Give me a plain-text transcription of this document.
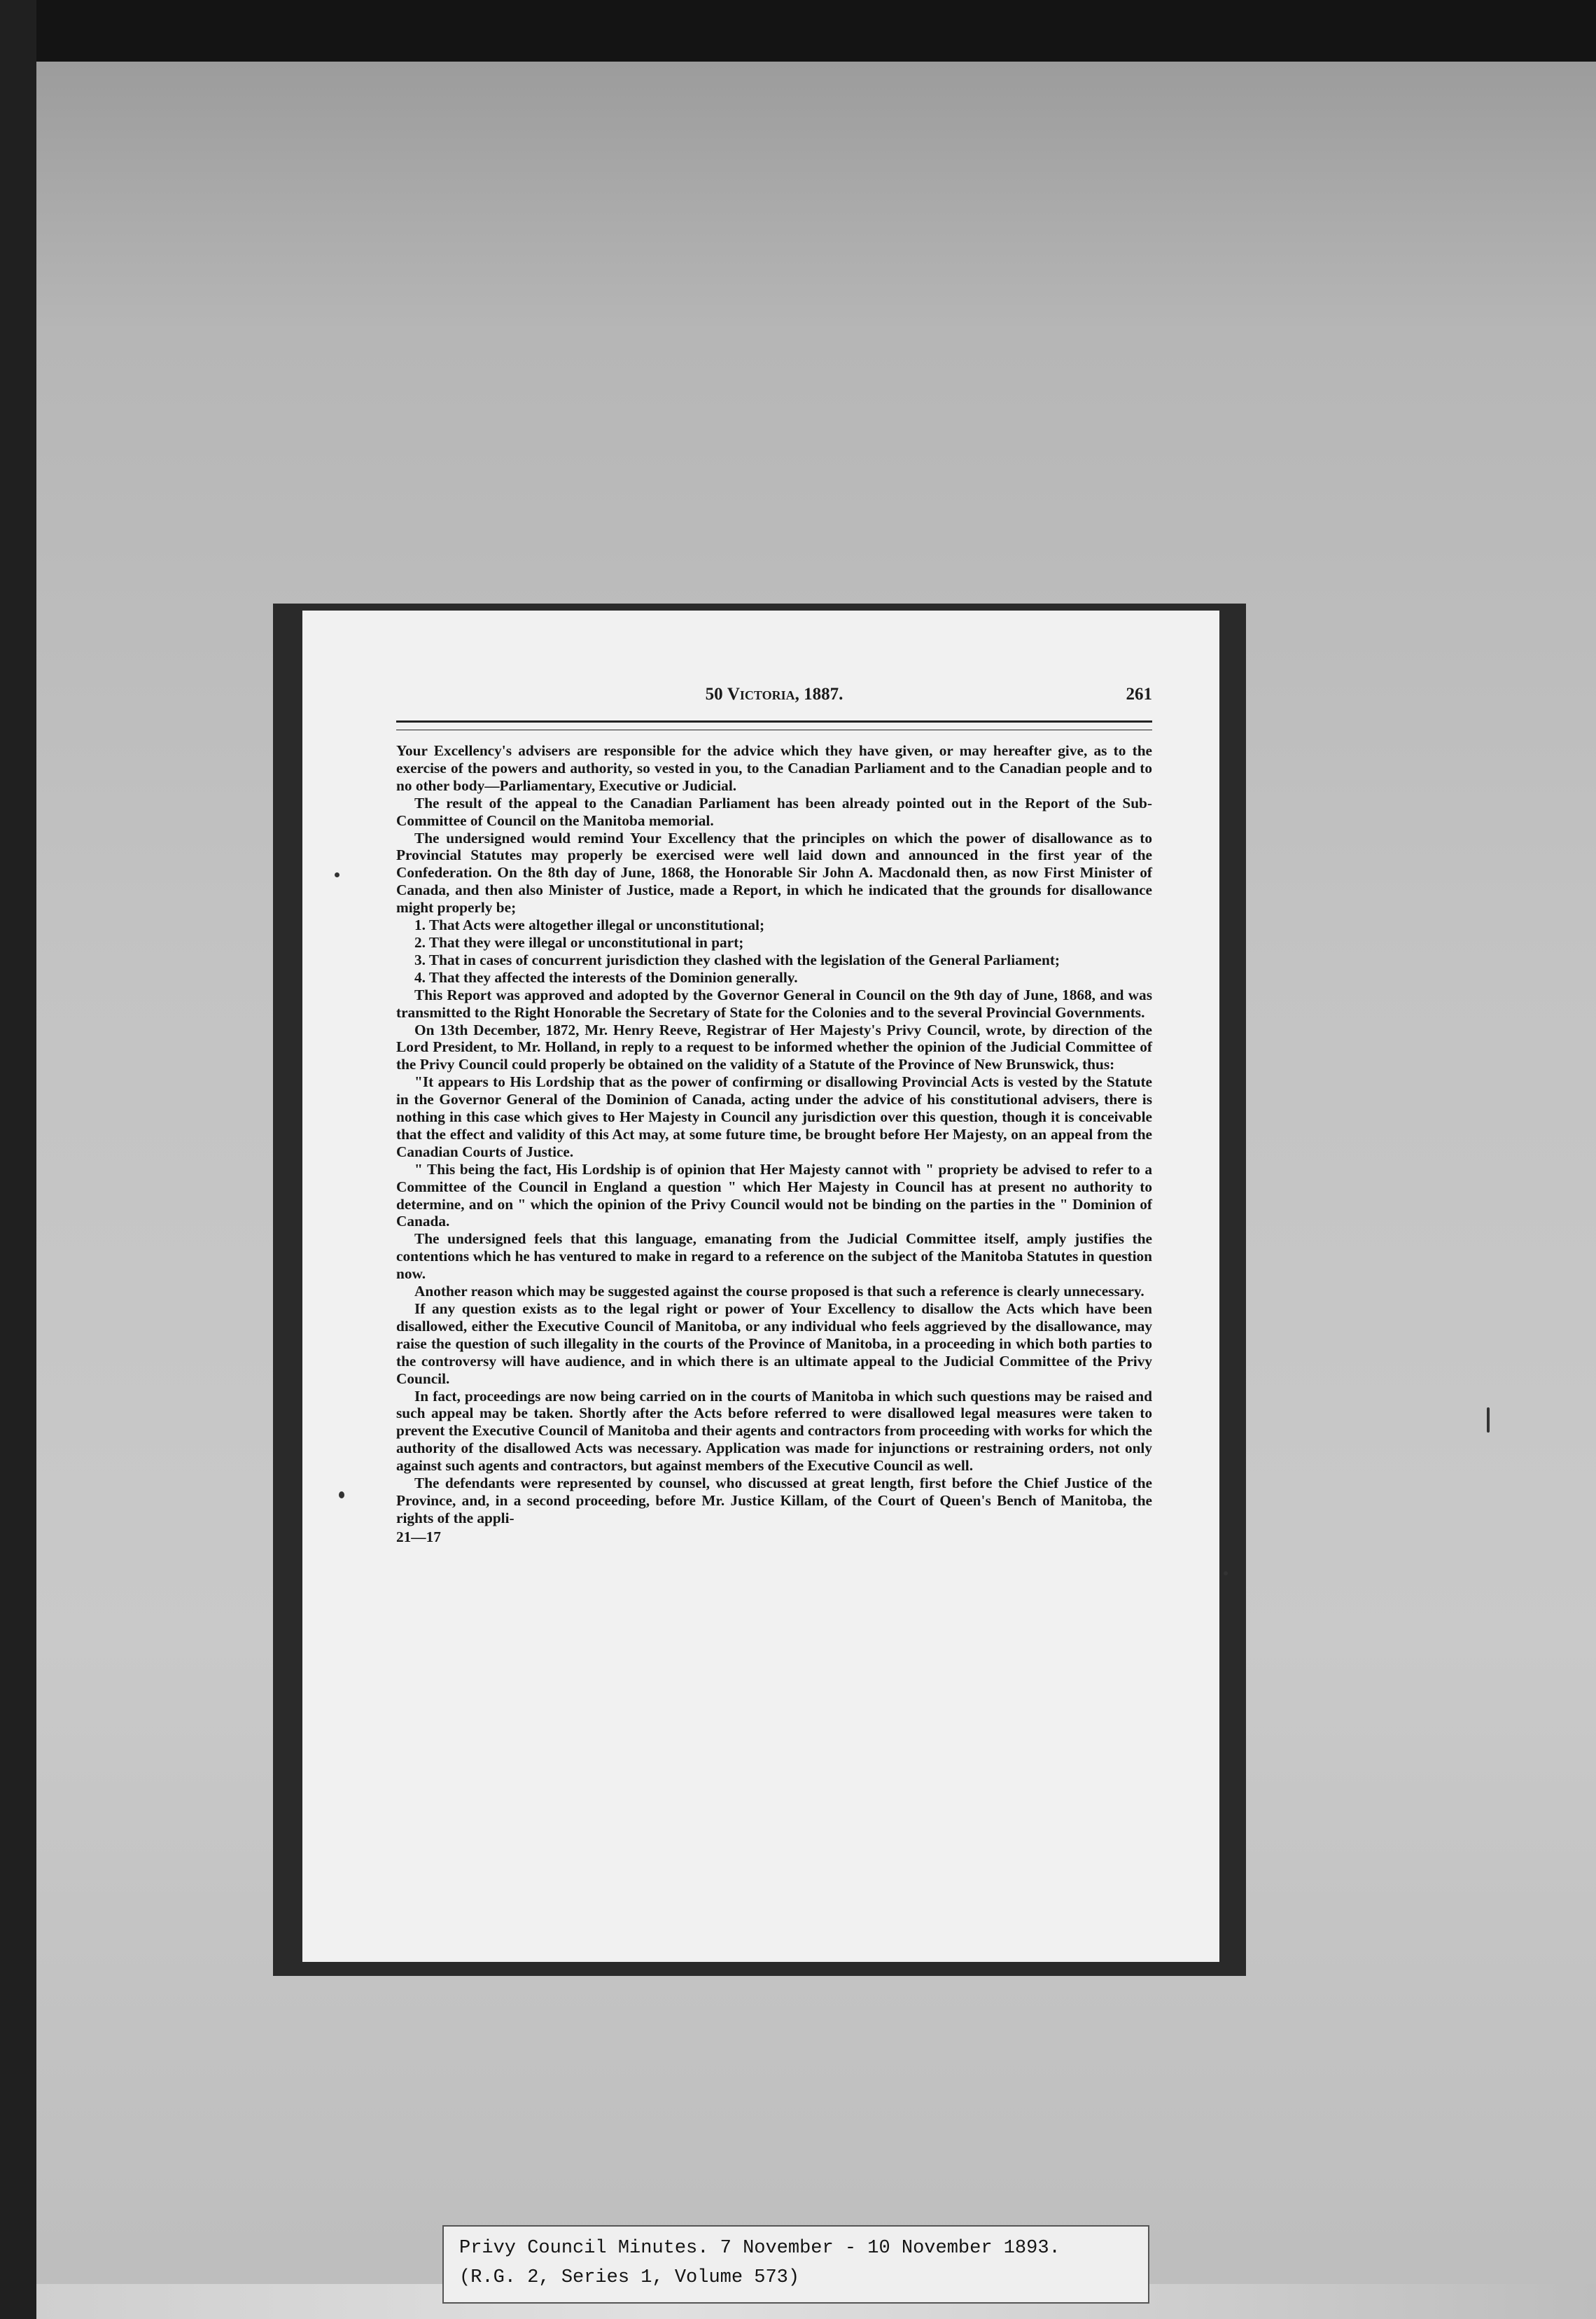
50 Victoria, 1887.	261

Your Excellency's advisers are responsible for the advice which they have given, or may hereafter give, as to the exercise of the powers and authority, so vested in you, to the Canadian Parliament and to the Canadian people and to no other body—Parliamentary, Executive or Judicial.

The result of the appeal to the Canadian Parliament has been already pointed out in the Report of the Sub-Committee of Council on the Manitoba memorial.

The undersigned would remind Your Excellency that the principles on which the power of disallowance as to Provincial Statutes may properly be exercised were well laid down and announced in the first year of the Confederation. On the 8th day of June, 1868, the Honorable Sir John A. Macdonald then, as now First Minister of Canada, and then also Minister of Justice, made a Report, in which he indicated that the grounds for disallowance might properly be;

1. That Acts were altogether illegal or unconstitutional;

2. That they were illegal or unconstitutional in part;

3. That in cases of concurrent jurisdiction they clashed with the legislation of the General Parliament;

4. That they affected the interests of the Dominion generally.

This Report was approved and adopted by the Governor General in Council on the 9th day of June, 1868, and was transmitted to the Right Honorable the Secretary of State for the Colonies and to the several Provincial Governments.

On 13th December, 1872, Mr. Henry Reeve, Registrar of Her Majesty's Privy Council, wrote, by direction of the Lord President, to Mr. Holland, in reply to a request to be informed whether the opinion of the Judicial Committee of the Privy Council could properly be obtained on the validity of a Statute of the Province of New Brunswick, thus:

"It appears to His Lordship that as the power of confirming or disallowing Provincial Acts is vested by the Statute in the Governor General of the Dominion of Canada, acting under the advice of his constitutional advisers, there is nothing in this case which gives to Her Majesty in Council any jurisdiction over this question, though it is conceivable that the effect and validity of this Act may, at some future time, be brought before Her Majesty, on an appeal from the Canadian Courts of Justice.

" This being the fact, His Lordship is of opinion that Her Majesty cannot with " propriety be advised to refer to a Committee of the Council in England a question " which Her Majesty in Council has at present no authority to determine, and on " which the opinion of the Privy Council would not be binding on the parties in the " Dominion of Canada.

The undersigned feels that this language, emanating from the Judicial Committee itself, amply justifies the contentions which he has ventured to make in regard to a reference on the subject of the Manitoba Statutes in question now.

Another reason which may be suggested against the course proposed is that such a reference is clearly unnecessary.

If any question exists as to the legal right or power of Your Excellency to disallow the Acts which have been disallowed, either the Executive Council of Manitoba, or any individual who feels aggrieved by the disallowance, may raise the question of such illegality in the courts of the Province of Manitoba, in a proceeding in which both parties to the controversy will have audience, and in which there is an ultimate appeal to the Judicial Committee of the Privy Council.

In fact, proceedings are now being carried on in the courts of Manitoba in which such questions may be raised and such appeal may be taken. Shortly after the Acts before referred to were disallowed legal measures were taken to prevent the Executive Council of Manitoba and their agents and contractors from proceeding with works for which the authority of the disallowed Acts was necessary. Application was made for injunctions or restraining orders, not only against such agents and contractors, but against members of the Executive Council as well.

The defendants were represented by counsel, who discussed at great length, first before the Chief Justice of the Province, and, in a second proceeding, before Mr. Justice Killam, of the Court of Queen's Bench of Manitoba, the rights of the appli-

21—17

Privy Council Minutes. 7 November - 10 November 1893.
(R.G. 2, Series 1, Volume 573)
